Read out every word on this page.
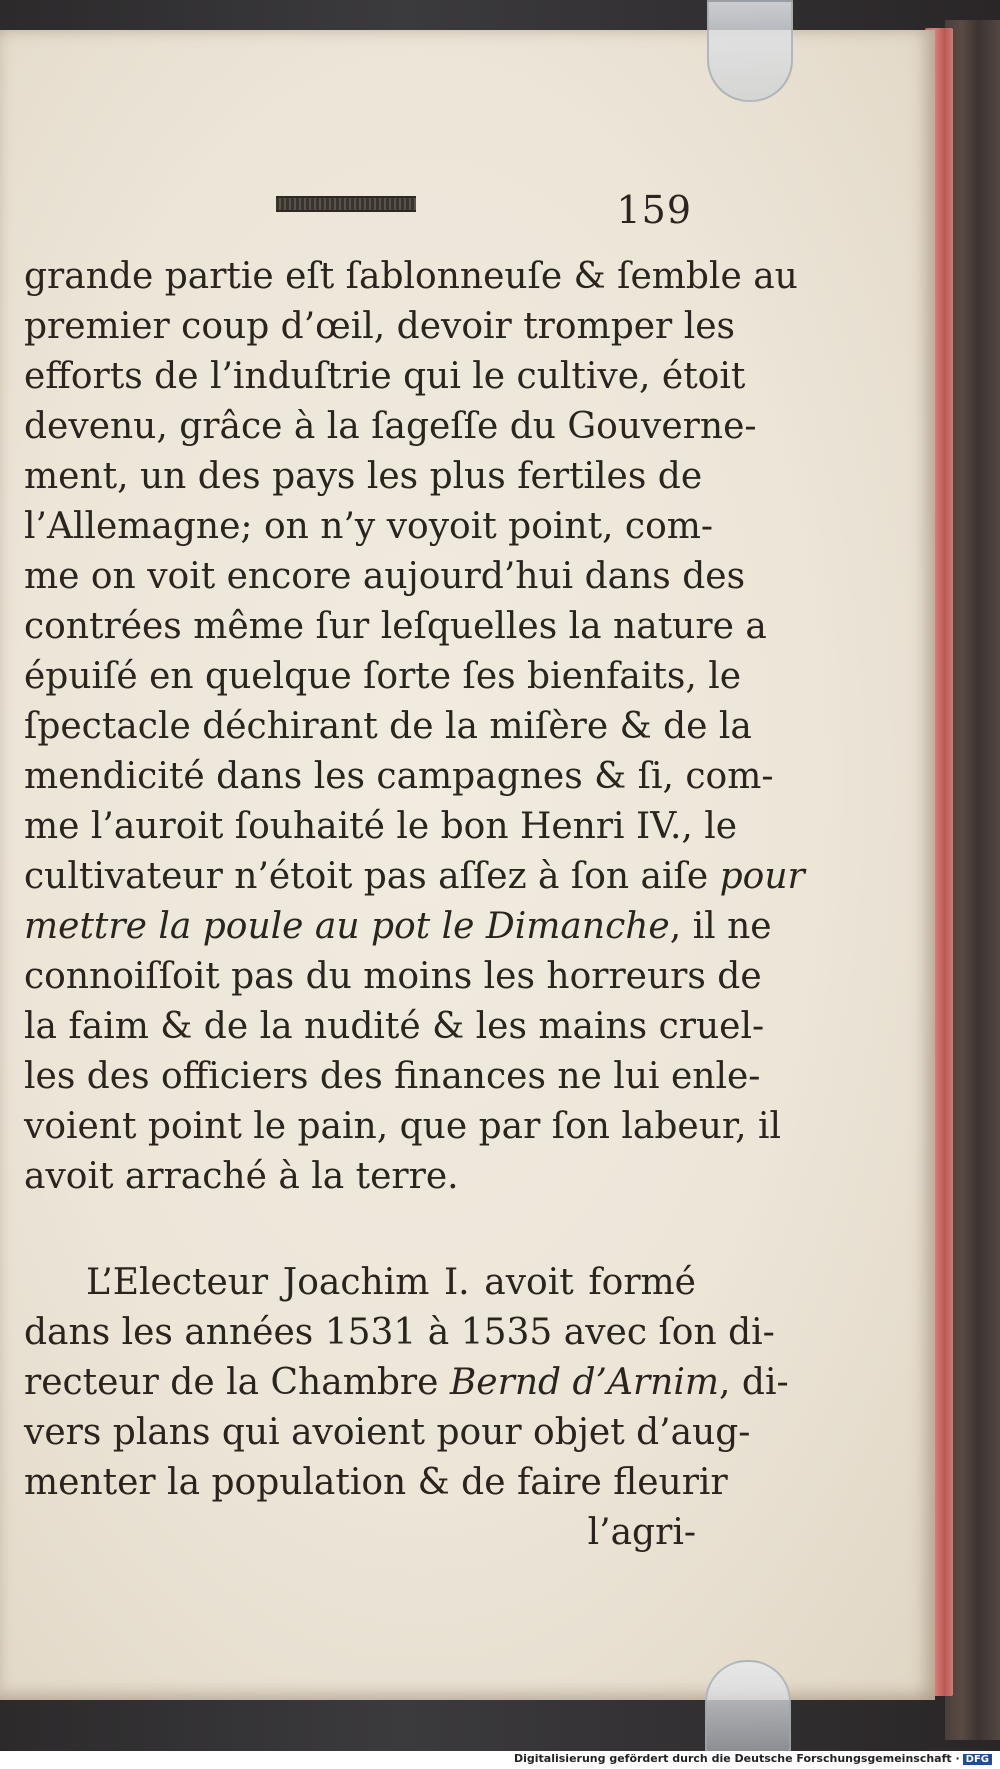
159
grande partie eſt ſablonneuſe & ſemble au
premier coup d’œil, devoir tromper les
efforts de l’induſtrie qui le cultive, étoit
devenu, grâce à la ſageſſe du Gouverne-
ment, un des pays les plus fertiles de
l’Allemagne; on n’y voyoit point, com-
me on voit encore aujourd’hui dans des
contrées même ſur leſquelles la nature a
épuiſé en quelque ſorte ſes bienfaits, le
ſpectacle déchirant de la miſère & de la
mendicité dans les campagnes & ſi, com-
me l’auroit ſouhaité le bon Henri IV., le
cultivateur n’étoit pas aſſez à ſon aiſe pour
mettre la poule au pot le Dimanche, il ne
connoiſſoit pas du moins les horreurs de
la faim & de la nudité & les mains cruel-
les des officiers des finances ne lui enle-
voient point le pain, que par ſon labeur, il
avoit arraché à la terre.
L’Electeur Joachim I. avoit formé
dans les années 1531 à 1535 avec ſon di-
recteur de la Chambre Bernd d’Arnim, di-
vers plans qui avoient pour objet d’aug-
menter la population & de faire fleurir
l’agri-
Digitalisierung gefördert durch die Deutsche Forschungsgemeinschaft · DFG
